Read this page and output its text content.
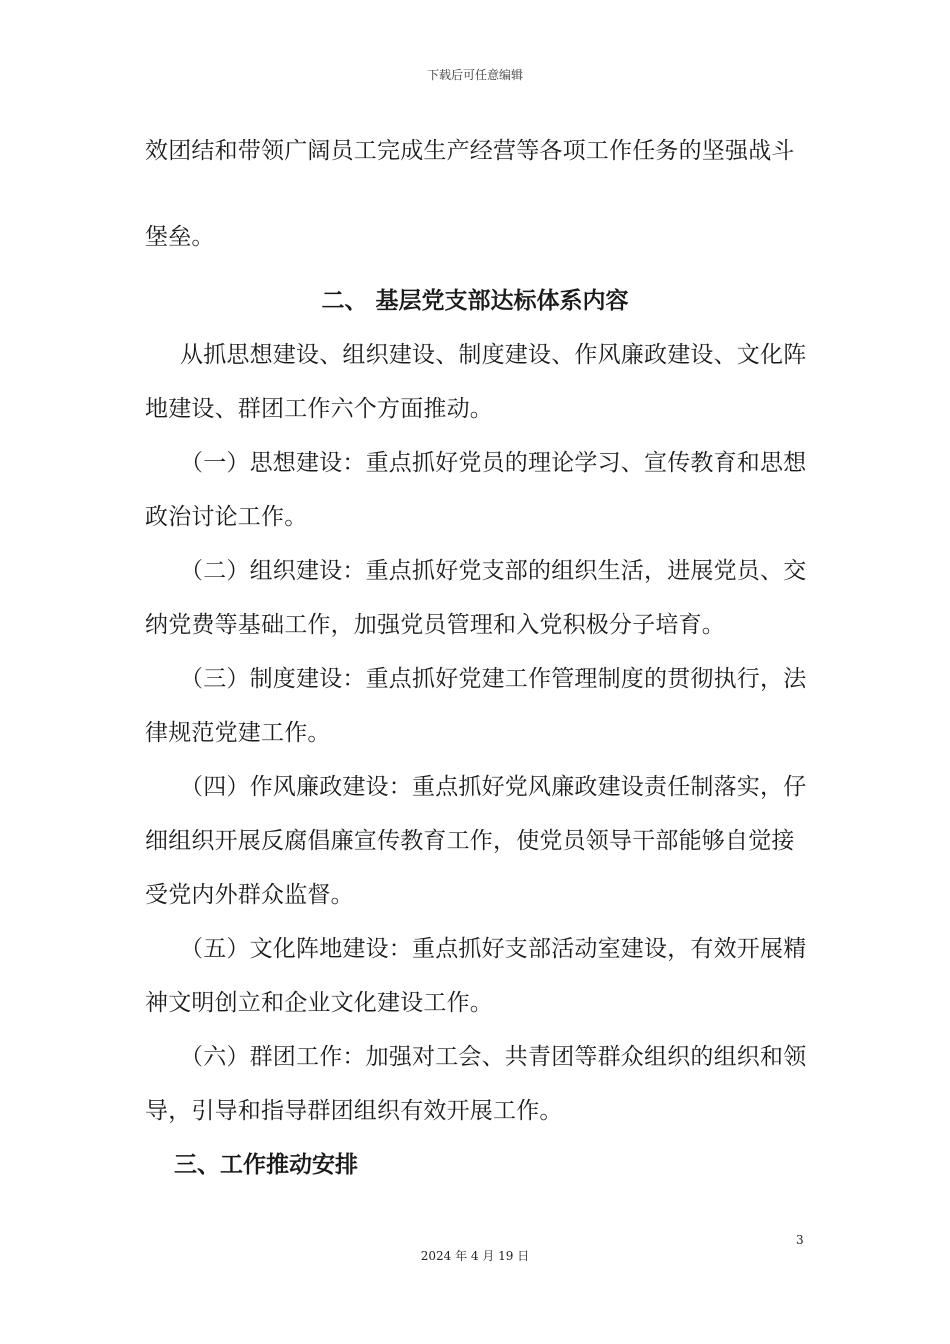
下载后可任意编辑
效团结和带领广阔员工完成生产经营等各项工作任务的坚强战斗
堡垒。
二、 基层党支部达标体系内容
从抓思想建设、组织建设、制度建设、作风廉政建设、文化阵
地建设、群团工作六个方面推动。
（一）思想建设：重点抓好党员的理论学习、宣传教育和思想
政治讨论工作。
（二）组织建设：重点抓好党支部的组织生活，进展党员、交
纳党费等基础工作，加强党员管理和入党积极分子培育。
（三）制度建设：重点抓好党建工作管理制度的贯彻执行，法
律规范党建工作。
（四）作风廉政建设：重点抓好党风廉政建设责任制落实，仔
细组织开展反腐倡廉宣传教育工作，使党员领导干部能够自觉接
受党内外群众监督。
（五）文化阵地建设：重点抓好支部活动室建设，有效开展精
神文明创立和企业文化建设工作。
（六）群团工作：加强对工会、共青团等群众组织的组织和领
导，引导和指导群团组织有效开展工作。
三、工作推动安排
3
2024 年 4 月 19 日
